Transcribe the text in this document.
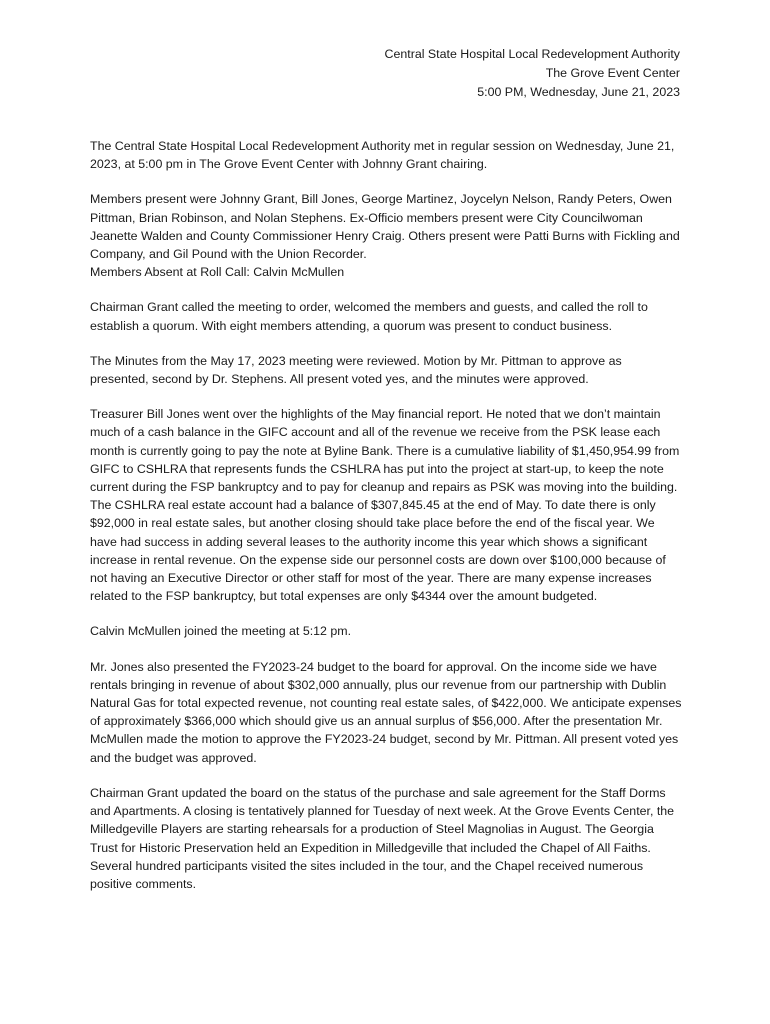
Central State Hospital Local Redevelopment Authority
The Grove Event Center
5:00 PM, Wednesday, June 21, 2023

The Central State Hospital Local Redevelopment Authority met in regular session on Wednesday, June 21, 2023, at 5:00 pm in The Grove Event Center with Johnny Grant chairing.

Members present were Johnny Grant, Bill Jones, George Martinez, Joycelyn Nelson, Randy Peters, Owen Pittman, Brian Robinson, and Nolan Stephens. Ex-Officio members present were City Councilwoman Jeanette Walden and County Commissioner Henry Craig. Others present were Patti Burns with Fickling and Company, and Gil Pound with the Union Recorder.

Members Absent at Roll Call: Calvin McMullen

Chairman Grant called the meeting to order, welcomed the members and guests, and called the roll to establish a quorum. With eight members attending, a quorum was present to conduct business.

The Minutes from the May 17, 2023 meeting were reviewed. Motion by Mr. Pittman to approve as presented, second by Dr. Stephens. All present voted yes, and the minutes were approved.

Treasurer Bill Jones went over the highlights of the May financial report. He noted that we don’t maintain much of a cash balance in the GIFC account and all of the revenue we receive from the PSK lease each month is currently going to pay the note at Byline Bank. There is a cumulative liability of $1,450,954.99 from GIFC to CSHLRA that represents funds the CSHLRA has put into the project at start-up, to keep the note current during the FSP bankruptcy and to pay for cleanup and repairs as PSK was moving into the building. The CSHLRA real estate account had a balance of $307,845.45 at the end of May. To date there is only $92,000 in real estate sales, but another closing should take place before the end of the fiscal year. We have had success in adding several leases to the authority income this year which shows a significant increase in rental revenue. On the expense side our personnel costs are down over $100,000 because of not having an Executive Director or other staff for most of the year. There are many expense increases related to the FSP bankruptcy, but total expenses are only $4344 over the amount budgeted.

Calvin McMullen joined the meeting at 5:12 pm.

Mr. Jones also presented the FY2023-24 budget to the board for approval. On the income side we have rentals bringing in revenue of about $302,000 annually, plus our revenue from our partnership with Dublin Natural Gas for total expected revenue, not counting real estate sales, of $422,000. We anticipate expenses of approximately $366,000 which should give us an annual surplus of $56,000. After the presentation Mr. McMullen made the motion to approve the FY2023-24 budget, second by Mr. Pittman. All present voted yes and the budget was approved.

Chairman Grant updated the board on the status of the purchase and sale agreement for the Staff Dorms and Apartments. A closing is tentatively planned for Tuesday of next week. At the Grove Events Center, the Milledgeville Players are starting rehearsals for a production of Steel Magnolias in August. The Georgia Trust for Historic Preservation held an Expedition in Milledgeville that included the Chapel of All Faiths. Several hundred participants visited the sites included in the tour, and the Chapel received numerous positive comments.
